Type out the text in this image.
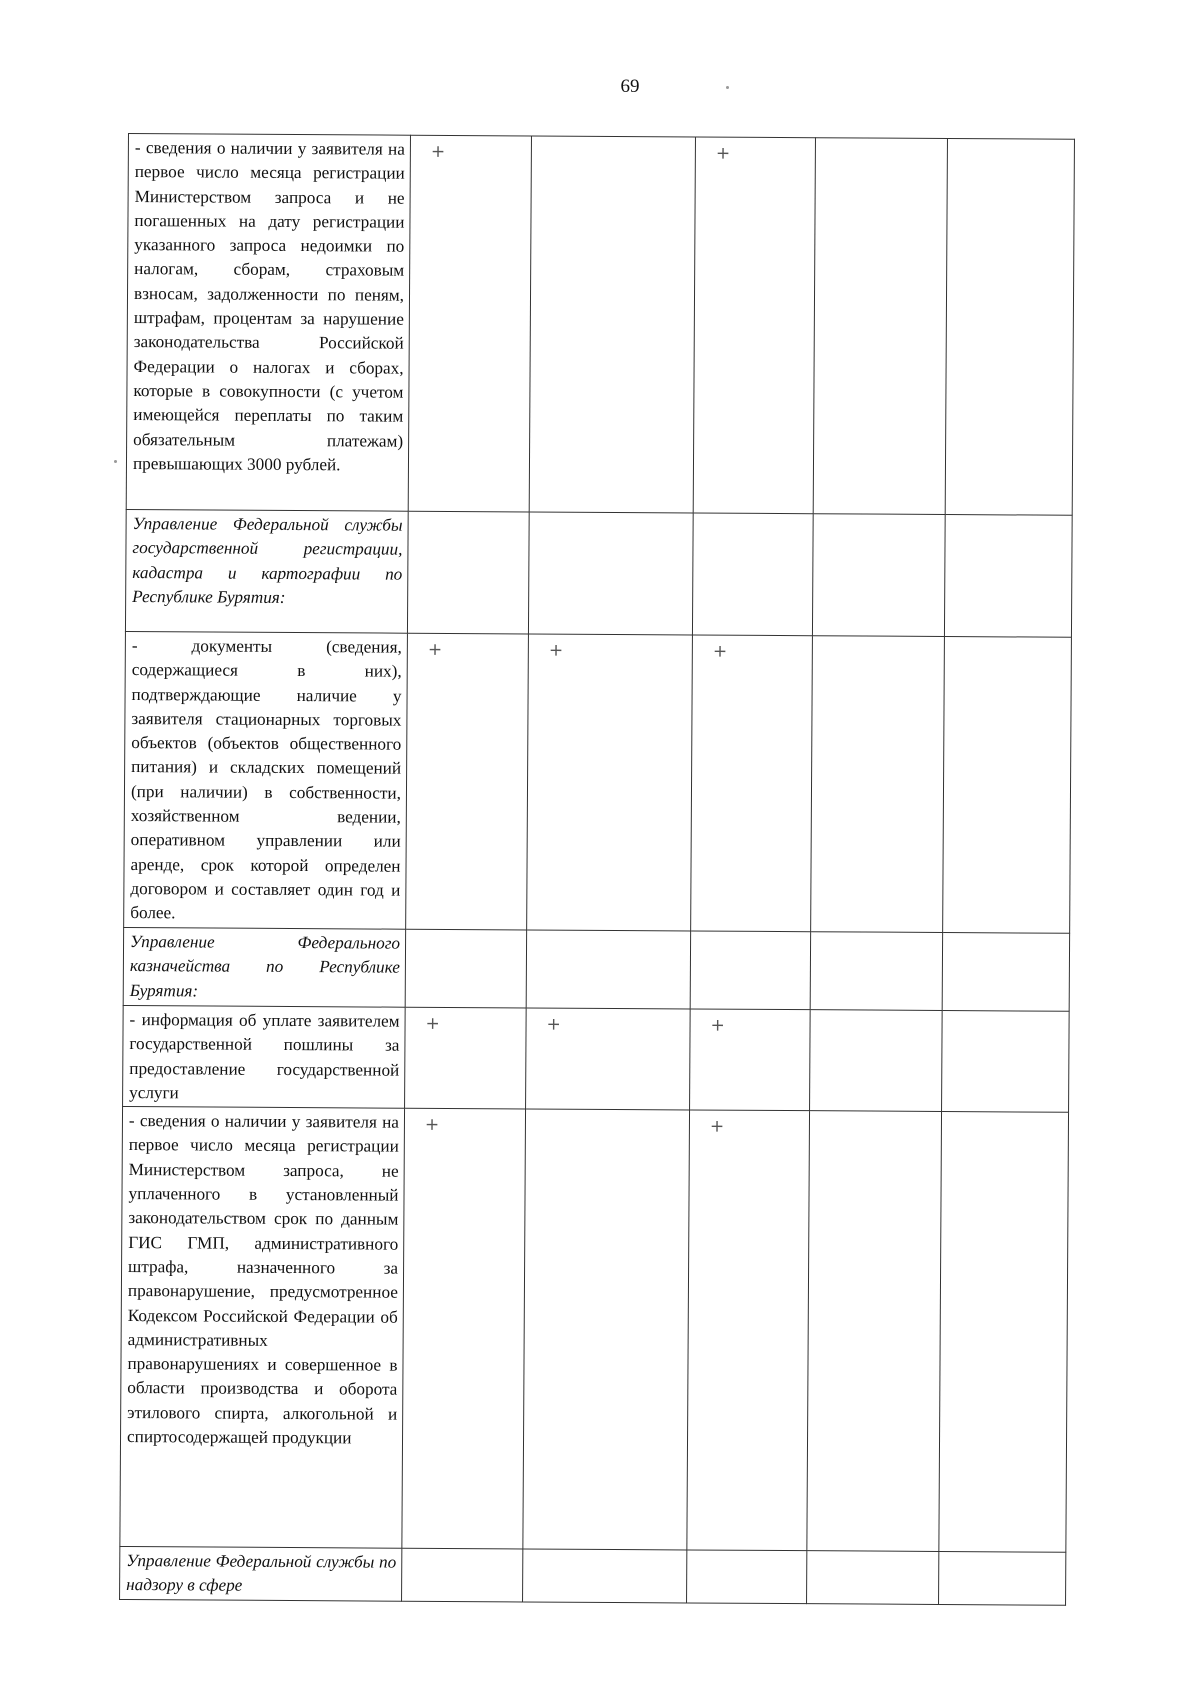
69
- сведения о наличии у заявителя на первое число месяца регистрации Министерством запроса и не погашенных на дату регистрации указанного запроса недоимки по налогам, сборам, страховым взносам, задолженности по пеням, штрафам, процентам за нарушение законодательства Российской Федерации о налогах и сборах, которые в совокупности (с учетом имеющейся переплаты по таким обязательным платежам) превышающих 3000 рублей.	+		+		

Управление Федеральной службы государственной регистрации, кадастра и картографии по Республике Бурятия:					

- документы (сведения, содержащиеся в них), подтверждающие наличие у заявителя стационарных торговых объектов (объектов общественного питания) и складских помещений (при наличии) в собственности, хозяйственном ведении, оперативном управлении или аренде, срок которой определен договором и составляет один год и более.	+	+	+		

Управление Федерального казначейства по Республике Бурятия:					

- информация об уплате заявителем государственной пошлины за предоставление государственной услуги	+	+	+		

- сведения о наличии у заявителя на первое число месяца регистрации Министерством запроса, не уплаченного в установленный законодательством срок по данным ГИС ГМП, административного штрафа, назначенного за правонарушение, предусмотренное Кодексом Российской Федерации об административных правонарушениях и совершенное в области производства и оборота этилового спирта, алкогольной и спиртосодержащей продукции	+		+		

Управление Федеральной службы по надзору в сфере					
